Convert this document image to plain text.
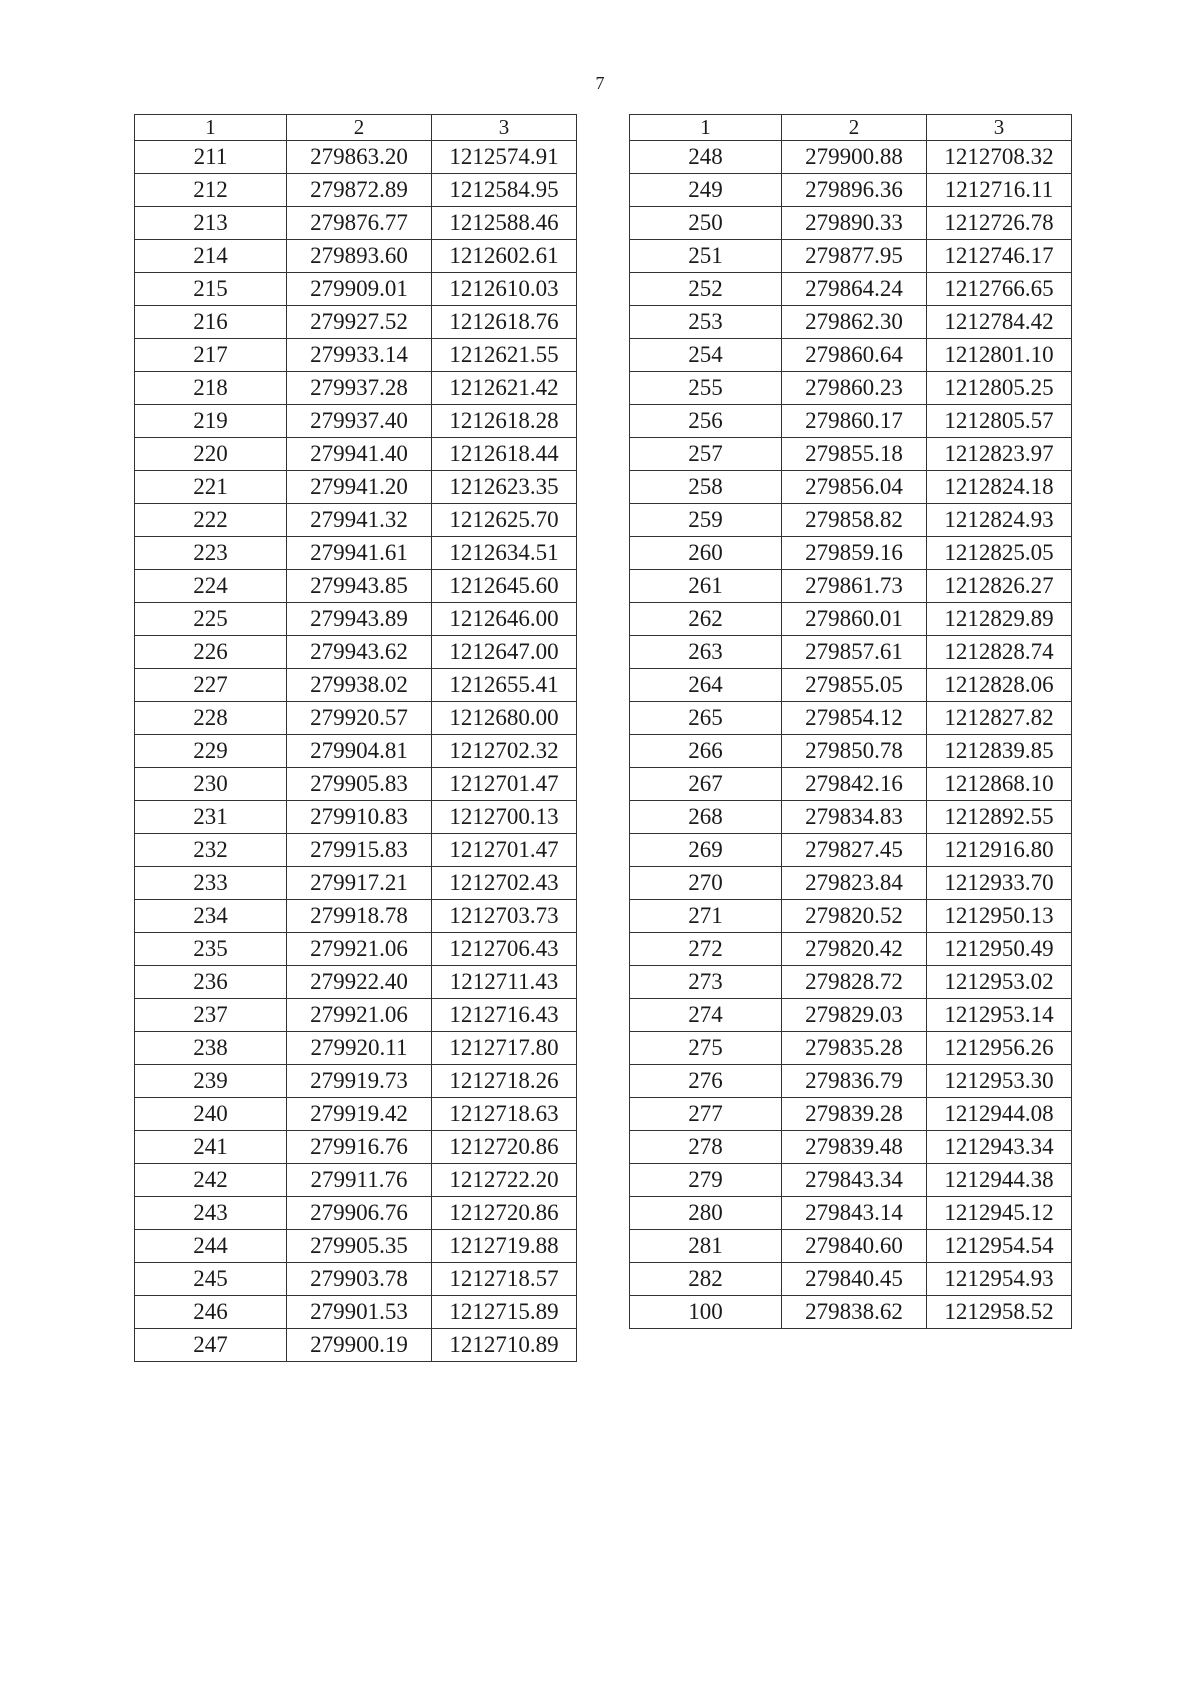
7
1	2	3
211	279863.20	1212574.91
212	279872.89	1212584.95
213	279876.77	1212588.46
214	279893.60	1212602.61
215	279909.01	1212610.03
216	279927.52	1212618.76
217	279933.14	1212621.55
218	279937.28	1212621.42
219	279937.40	1212618.28
220	279941.40	1212618.44
221	279941.20	1212623.35
222	279941.32	1212625.70
223	279941.61	1212634.51
224	279943.85	1212645.60
225	279943.89	1212646.00
226	279943.62	1212647.00
227	279938.02	1212655.41
228	279920.57	1212680.00
229	279904.81	1212702.32
230	279905.83	1212701.47
231	279910.83	1212700.13
232	279915.83	1212701.47
233	279917.21	1212702.43
234	279918.78	1212703.73
235	279921.06	1212706.43
236	279922.40	1212711.43
237	279921.06	1212716.43
238	279920.11	1212717.80
239	279919.73	1212718.26
240	279919.42	1212718.63
241	279916.76	1212720.86
242	279911.76	1212722.20
243	279906.76	1212720.86
244	279905.35	1212719.88
245	279903.78	1212718.57
246	279901.53	1212715.89
247	279900.19	1212710.89
1	2	3
248	279900.88	1212708.32
249	279896.36	1212716.11
250	279890.33	1212726.78
251	279877.95	1212746.17
252	279864.24	1212766.65
253	279862.30	1212784.42
254	279860.64	1212801.10
255	279860.23	1212805.25
256	279860.17	1212805.57
257	279855.18	1212823.97
258	279856.04	1212824.18
259	279858.82	1212824.93
260	279859.16	1212825.05
261	279861.73	1212826.27
262	279860.01	1212829.89
263	279857.61	1212828.74
264	279855.05	1212828.06
265	279854.12	1212827.82
266	279850.78	1212839.85
267	279842.16	1212868.10
268	279834.83	1212892.55
269	279827.45	1212916.80
270	279823.84	1212933.70
271	279820.52	1212950.13
272	279820.42	1212950.49
273	279828.72	1212953.02
274	279829.03	1212953.14
275	279835.28	1212956.26
276	279836.79	1212953.30
277	279839.28	1212944.08
278	279839.48	1212943.34
279	279843.34	1212944.38
280	279843.14	1212945.12
281	279840.60	1212954.54
282	279840.45	1212954.93
100	279838.62	1212958.52
